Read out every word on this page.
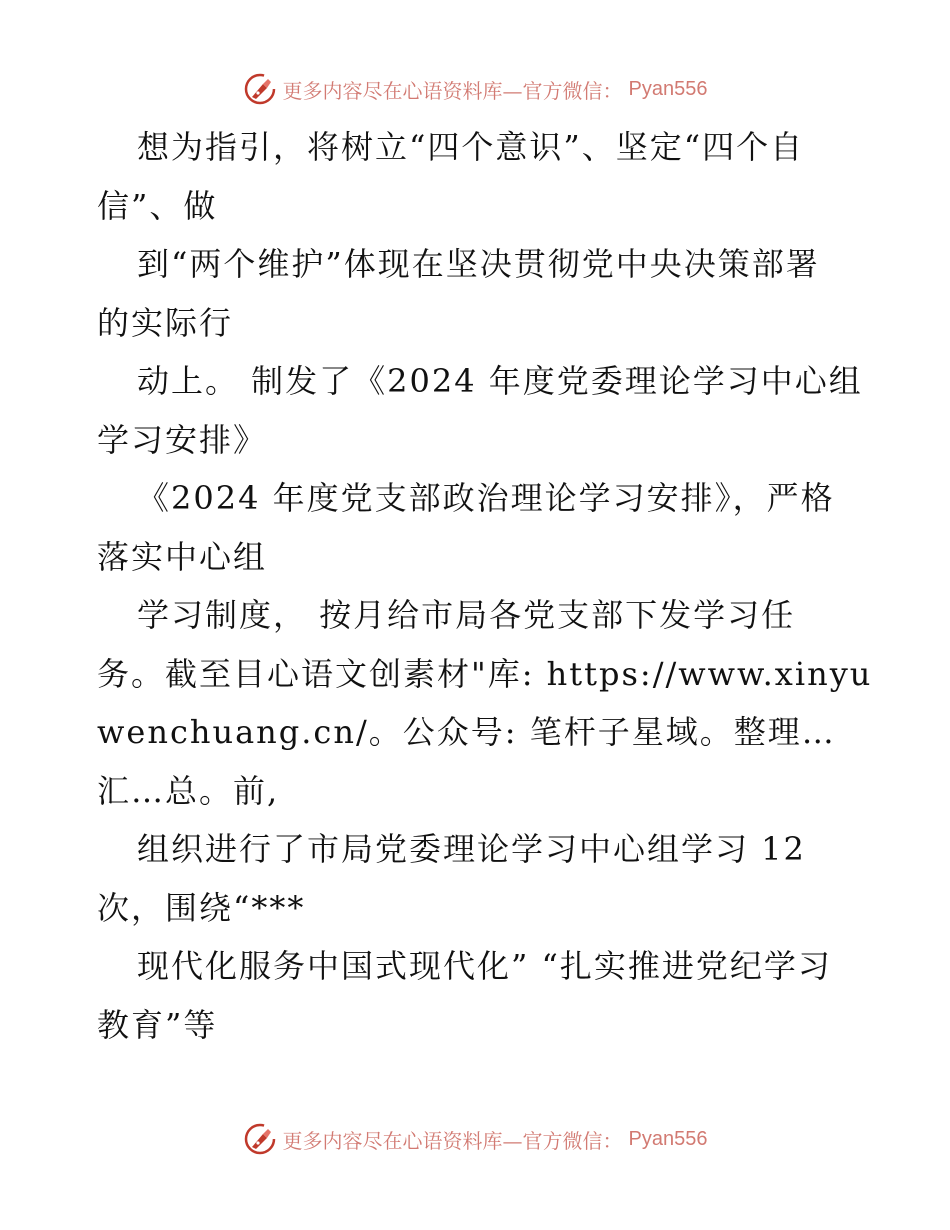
更多内容尽在心语资料库—官方微信： Pyan556
想为指引，将树立“四个意识”、坚定“四个自
信”、做
到“两个维护”体现在坚决贯彻党中央决策部署
的实际行
动上。 制发了《2024 年度党委理论学习中心组
学习安排》
《2024 年度党支部政治理论学习安排》，严格
落实中心组
学习制度， 按月给市局各党支部下发学习任
务。截至目心语文创素材"库: https://www.xinyu
wenchuang.cn/。公众号: 笔杆子星域。整理…
汇…总。前,
组织进行了市局党委理论学习中心组学习 12
次，围绕“***
现代化服务中国式现代化” “扎实推进党纪学习
教育”等
更多内容尽在心语资料库—官方微信： Pyan556
